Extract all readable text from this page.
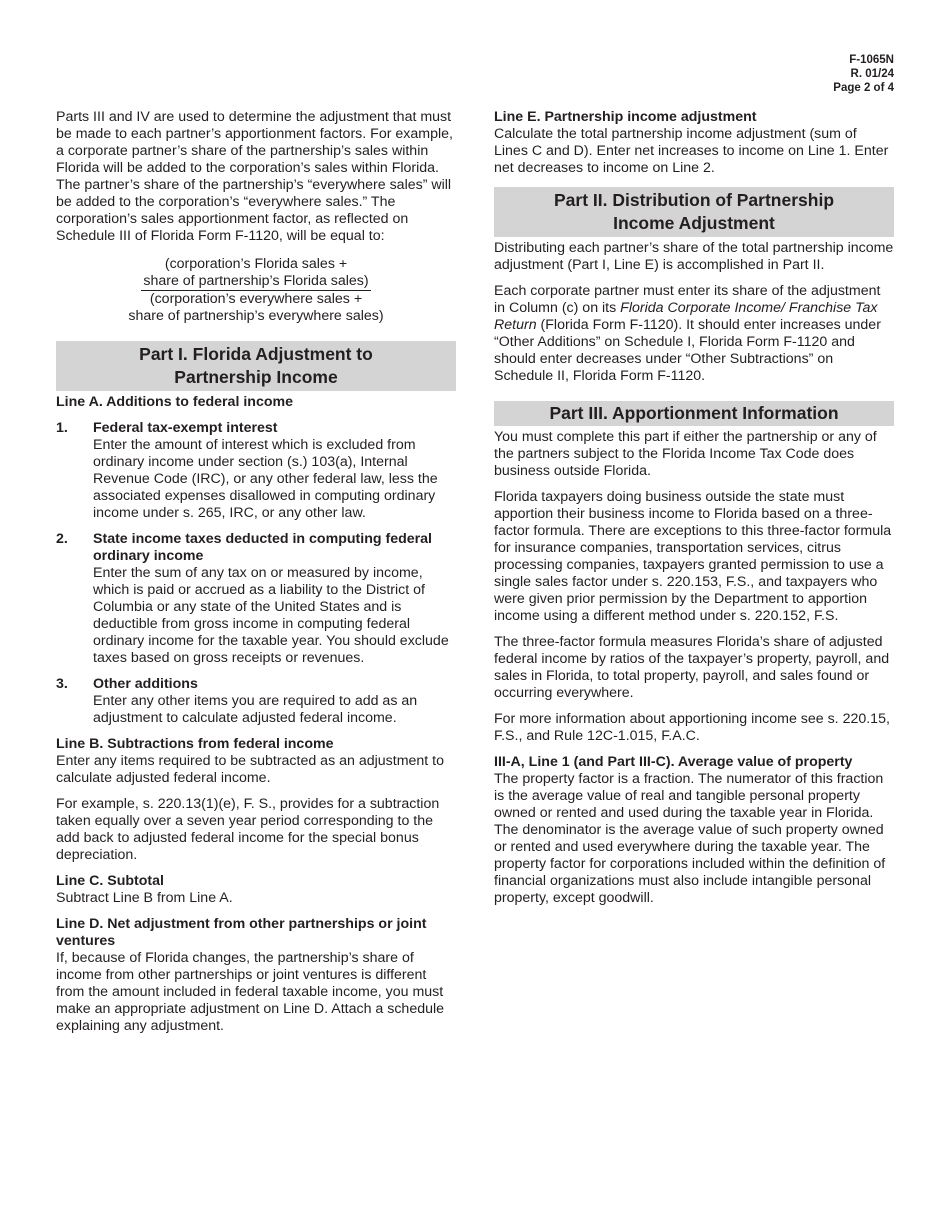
F-1065N
R. 01/24
Page 2 of 4

Parts III and IV are used to determine the adjustment that must be made to each partner’s apportionment factors. For example, a corporate partner’s share of the partnership’s sales within Florida will be added to the corporation’s sales within Florida. The partner’s share of the partnership’s “everywhere sales” will be added to the corporation’s “everywhere sales.” The corporation’s sales apportionment factor, as reflected on Schedule III of Florida Form F-1120, will be equal to:

(corporation’s Florida sales +
share of partnership’s Florida sales)
(corporation’s everywhere sales +
share of partnership’s everywhere sales)
Part I. Florida Adjustment to
Partnership Income

Line A. Additions to federal income

1.	Federal tax-exempt interest
Enter the amount of interest which is excluded from ordinary income under section (s.) 103(a), Internal Revenue Code (IRC), or any other federal law, less the associated expenses disallowed in computing ordinary income under s. 265, IRC, or any other law.
2.	State income taxes deducted in computing federal ordinary income
Enter the sum of any tax on or measured by income, which is paid or accrued as a liability to the District of Columbia or any state of the United States and is deductible from gross income in computing federal ordinary income for the taxable year. You should exclude taxes based on gross receipts or revenues.
3.	Other additions
Enter any other items you are required to add as an adjustment to calculate adjusted federal income.

Line B. Subtractions from federal income
Enter any items required to be subtracted as an adjustment to calculate adjusted federal income.

For example, s. 220.13(1)(e), F. S., provides for a subtraction taken equally over a seven year period corresponding to the add back to adjusted federal income for the special bonus depreciation.

Line C. Subtotal
Subtract Line B from Line A.

Line D. Net adjustment from other partnerships or joint ventures
If, because of Florida changes, the partnership’s share of income from other partnerships or joint ventures is different from the amount included in federal taxable income, you must make an appropriate adjustment on Line D. Attach a schedule explaining any adjustment.

Line E. Partnership income adjustment
Calculate the total partnership income adjustment (sum of Lines C and D). Enter net increases to income on Line 1. Enter net decreases to income on Line 2.

Part II. Distribution of Partnership
Income Adjustment

Distributing each partner’s share of the total partnership income adjustment (Part I, Line E) is accomplished in Part II.

Each corporate partner must enter its share of the adjustment in Column (c) on its Florida Corporate Income/ Franchise Tax Return (Florida Form F-1120). It should enter increases under “Other Additions” on Schedule I, Florida Form F-1120 and should enter decreases under “Other Subtractions” on Schedule II, Florida Form F-1120.

Part III. Apportionment Information

You must complete this part if either the partnership or any of the partners subject to the Florida Income Tax Code does business outside Florida.

Florida taxpayers doing business outside the state must apportion their business income to Florida based on a three-factor formula. There are exceptions to this three-factor formula for insurance companies, transportation services, citrus processing companies, taxpayers granted permission to use a single sales factor under s. 220.153, F.S., and taxpayers who were given prior permission by the Department to apportion income using a different method under s. 220.152, F.S.

The three-factor formula measures Florida’s share of adjusted federal income by ratios of the taxpayer’s property, payroll, and sales in Florida, to total property, payroll, and sales found or occurring everywhere.

For more information about apportioning income see s. 220.15, F.S., and Rule 12C-1.015, F.A.C.

III-A, Line 1 (and Part III-C). Average value of property
The property factor is a fraction. The numerator of this fraction is the average value of real and tangible personal property owned or rented and used during the taxable year in Florida. The denominator is the average value of such property owned or rented and used everywhere during the taxable year. The property factor for corporations included within the definition of financial organizations must also include intangible personal property, except goodwill.
